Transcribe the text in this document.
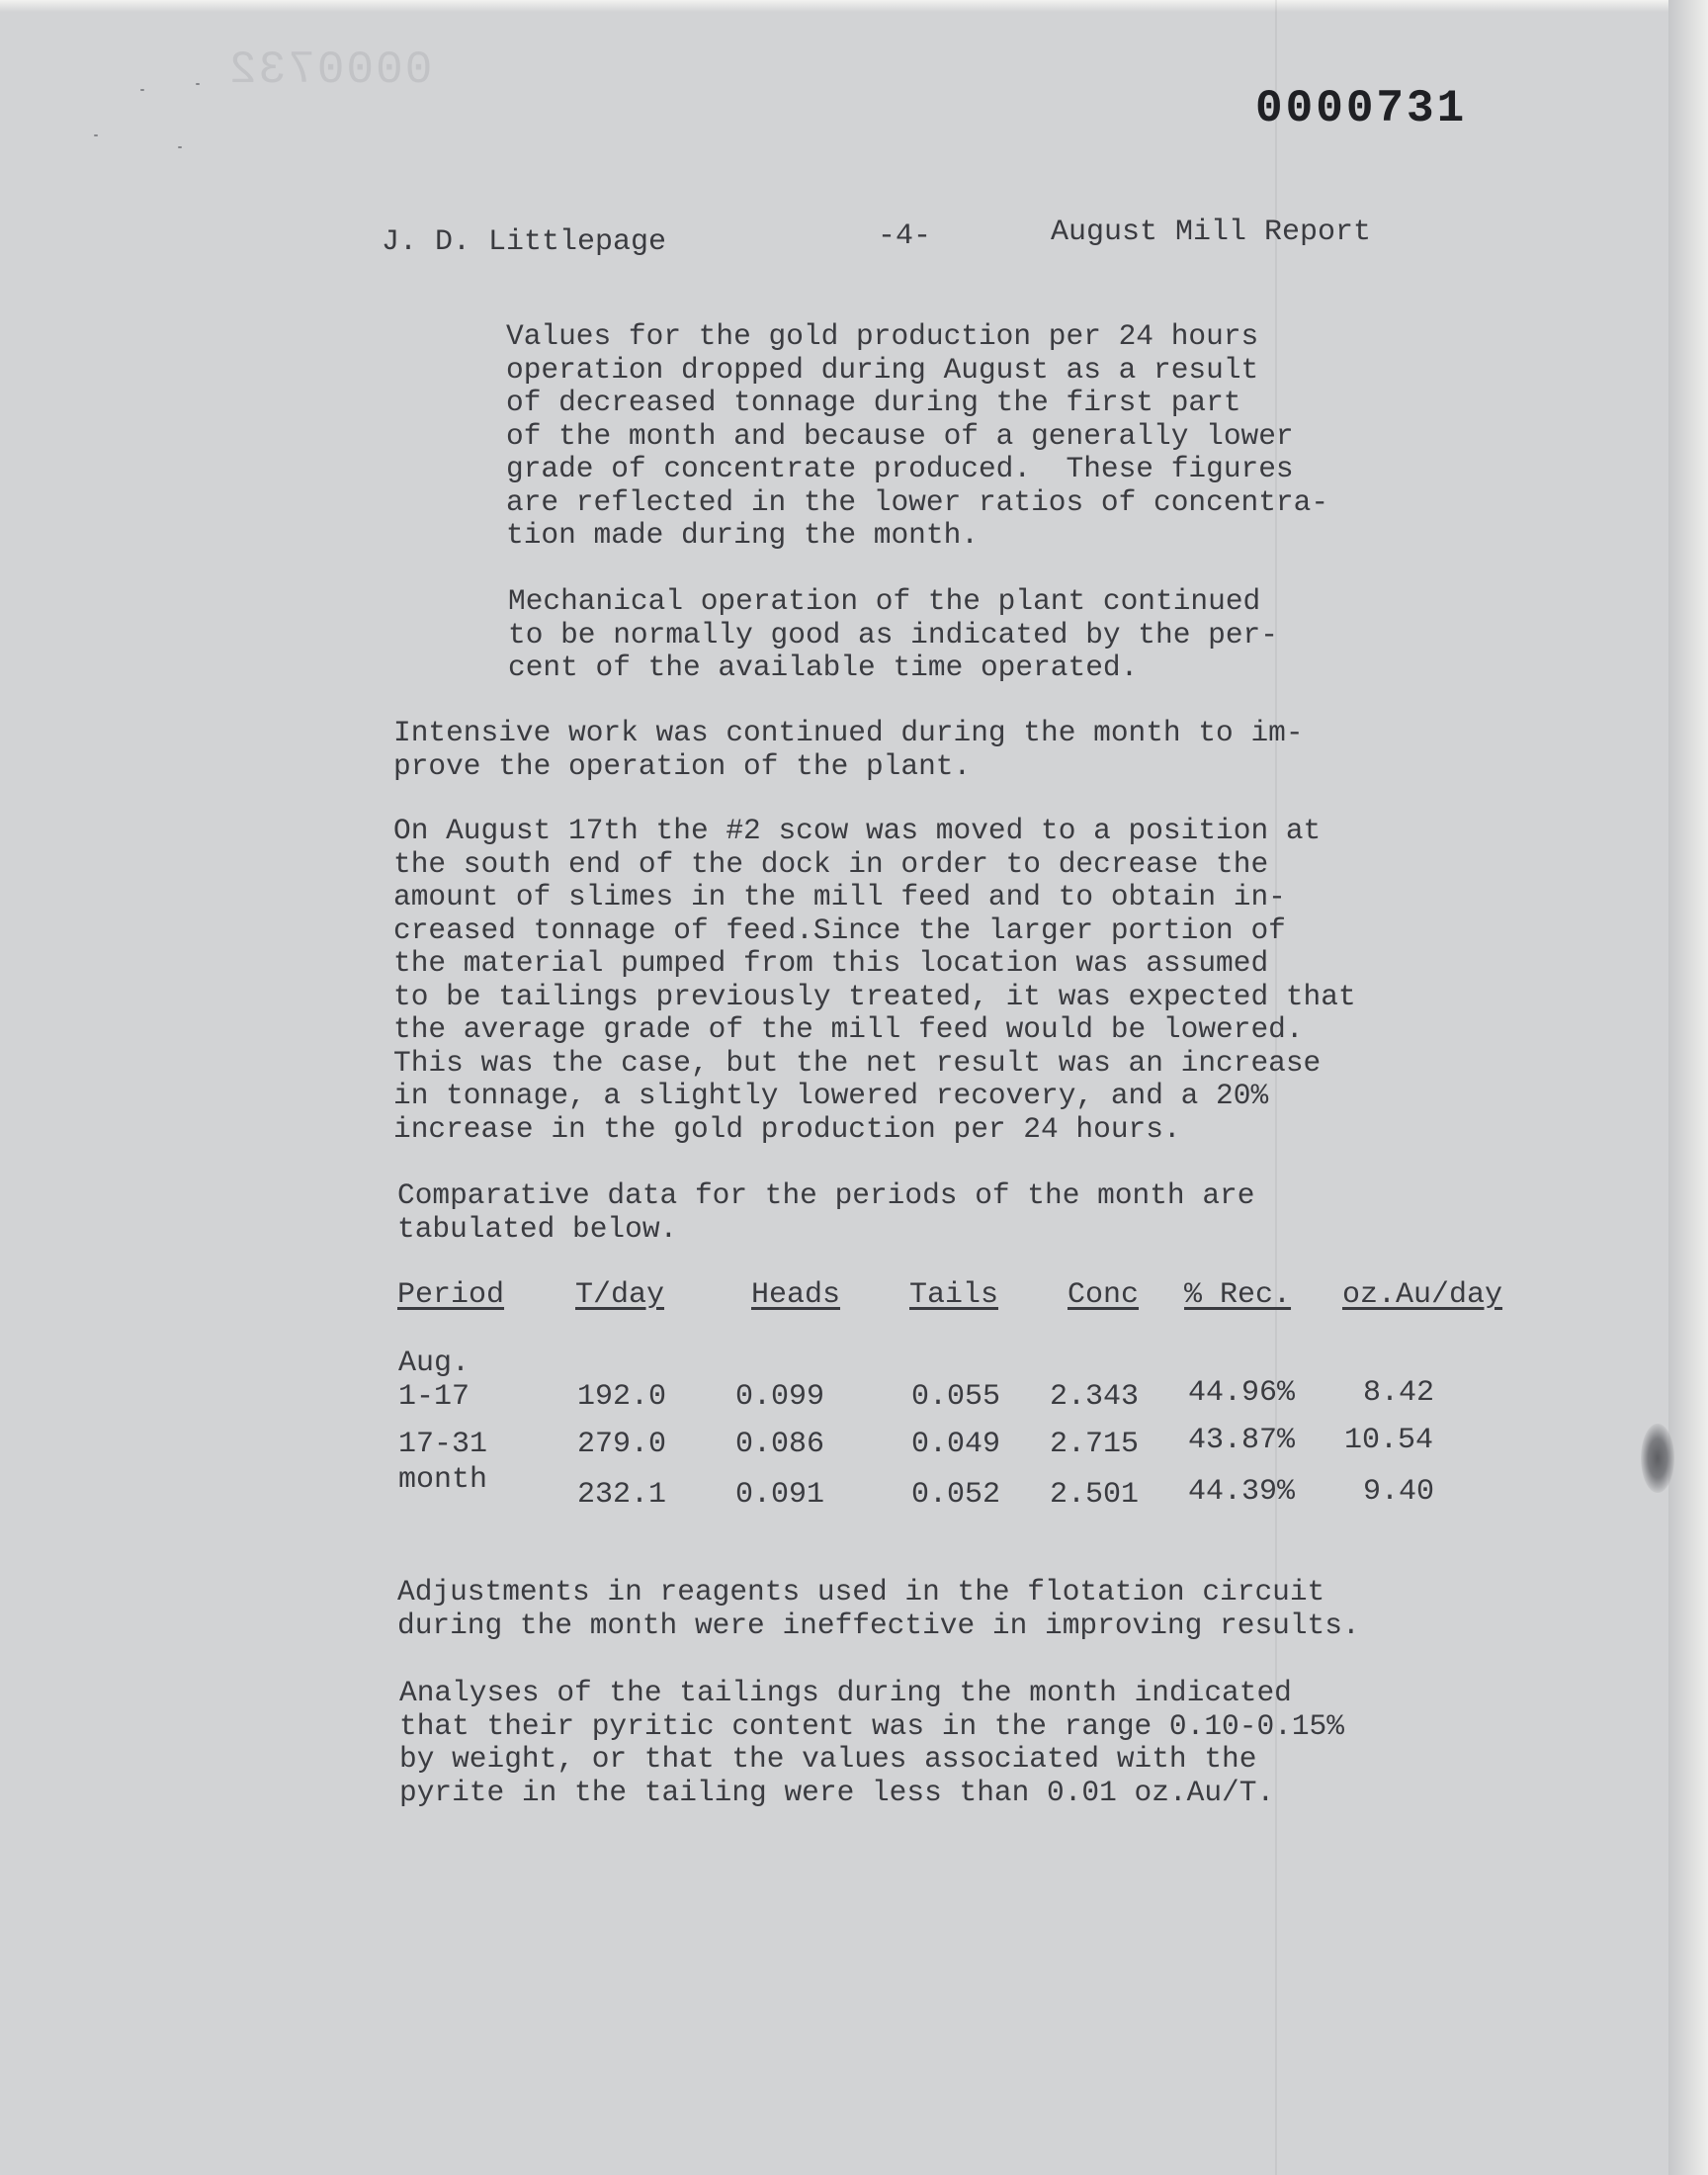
0000732
0000731
J. D. Littlepage	-4-	August Mill Report

Values for the gold production per 24 hours
operation dropped during August as a result
of decreased tonnage during the first part
of the month and because of a generally lower
grade of concentrate produced.  These figures
are reflected in the lower ratios of concentra-
tion made during the month.

Mechanical operation of the plant continued
to be normally good as indicated by the per-
cent of the available time operated.

Intensive work was continued during the month to im-
prove the operation of the plant.

On August 17th the #2 scow was moved to a position at
the south end of the dock in order to decrease the
amount of slimes in the mill feed and to obtain in-
creased tonnage of feed.Since the larger portion of
the material pumped from this location was assumed
to be tailings previously treated, it was expected that
the average grade of the mill feed would be lowered.
This was the case, but the net result was an increase
in tonnage, a slightly lowered recovery, and a 20%
increase in the gold production per 24 hours.

Comparative data for the periods of the month are
tabulated below.

Period T/day	Heads Tails Conc % Rec. oz.Au/day
Aug.
1-17	192.0 0.099	0.055 2.343 44.96% 8.42
17-31	279.0 0.086	0.049 2.715 43.87% 10.54
month	232.1 0.091	0.052 2.501 44.39% 9.40

Adjustments in reagents used in the flotation circuit
during the month were ineffective in improving results.

Analyses of the tailings during the month indicated
that their pyritic content was in the range 0.10-0.15%
by weight, or that the values associated with the
pyrite in the tailing were less than 0.01 oz.Au/T.
